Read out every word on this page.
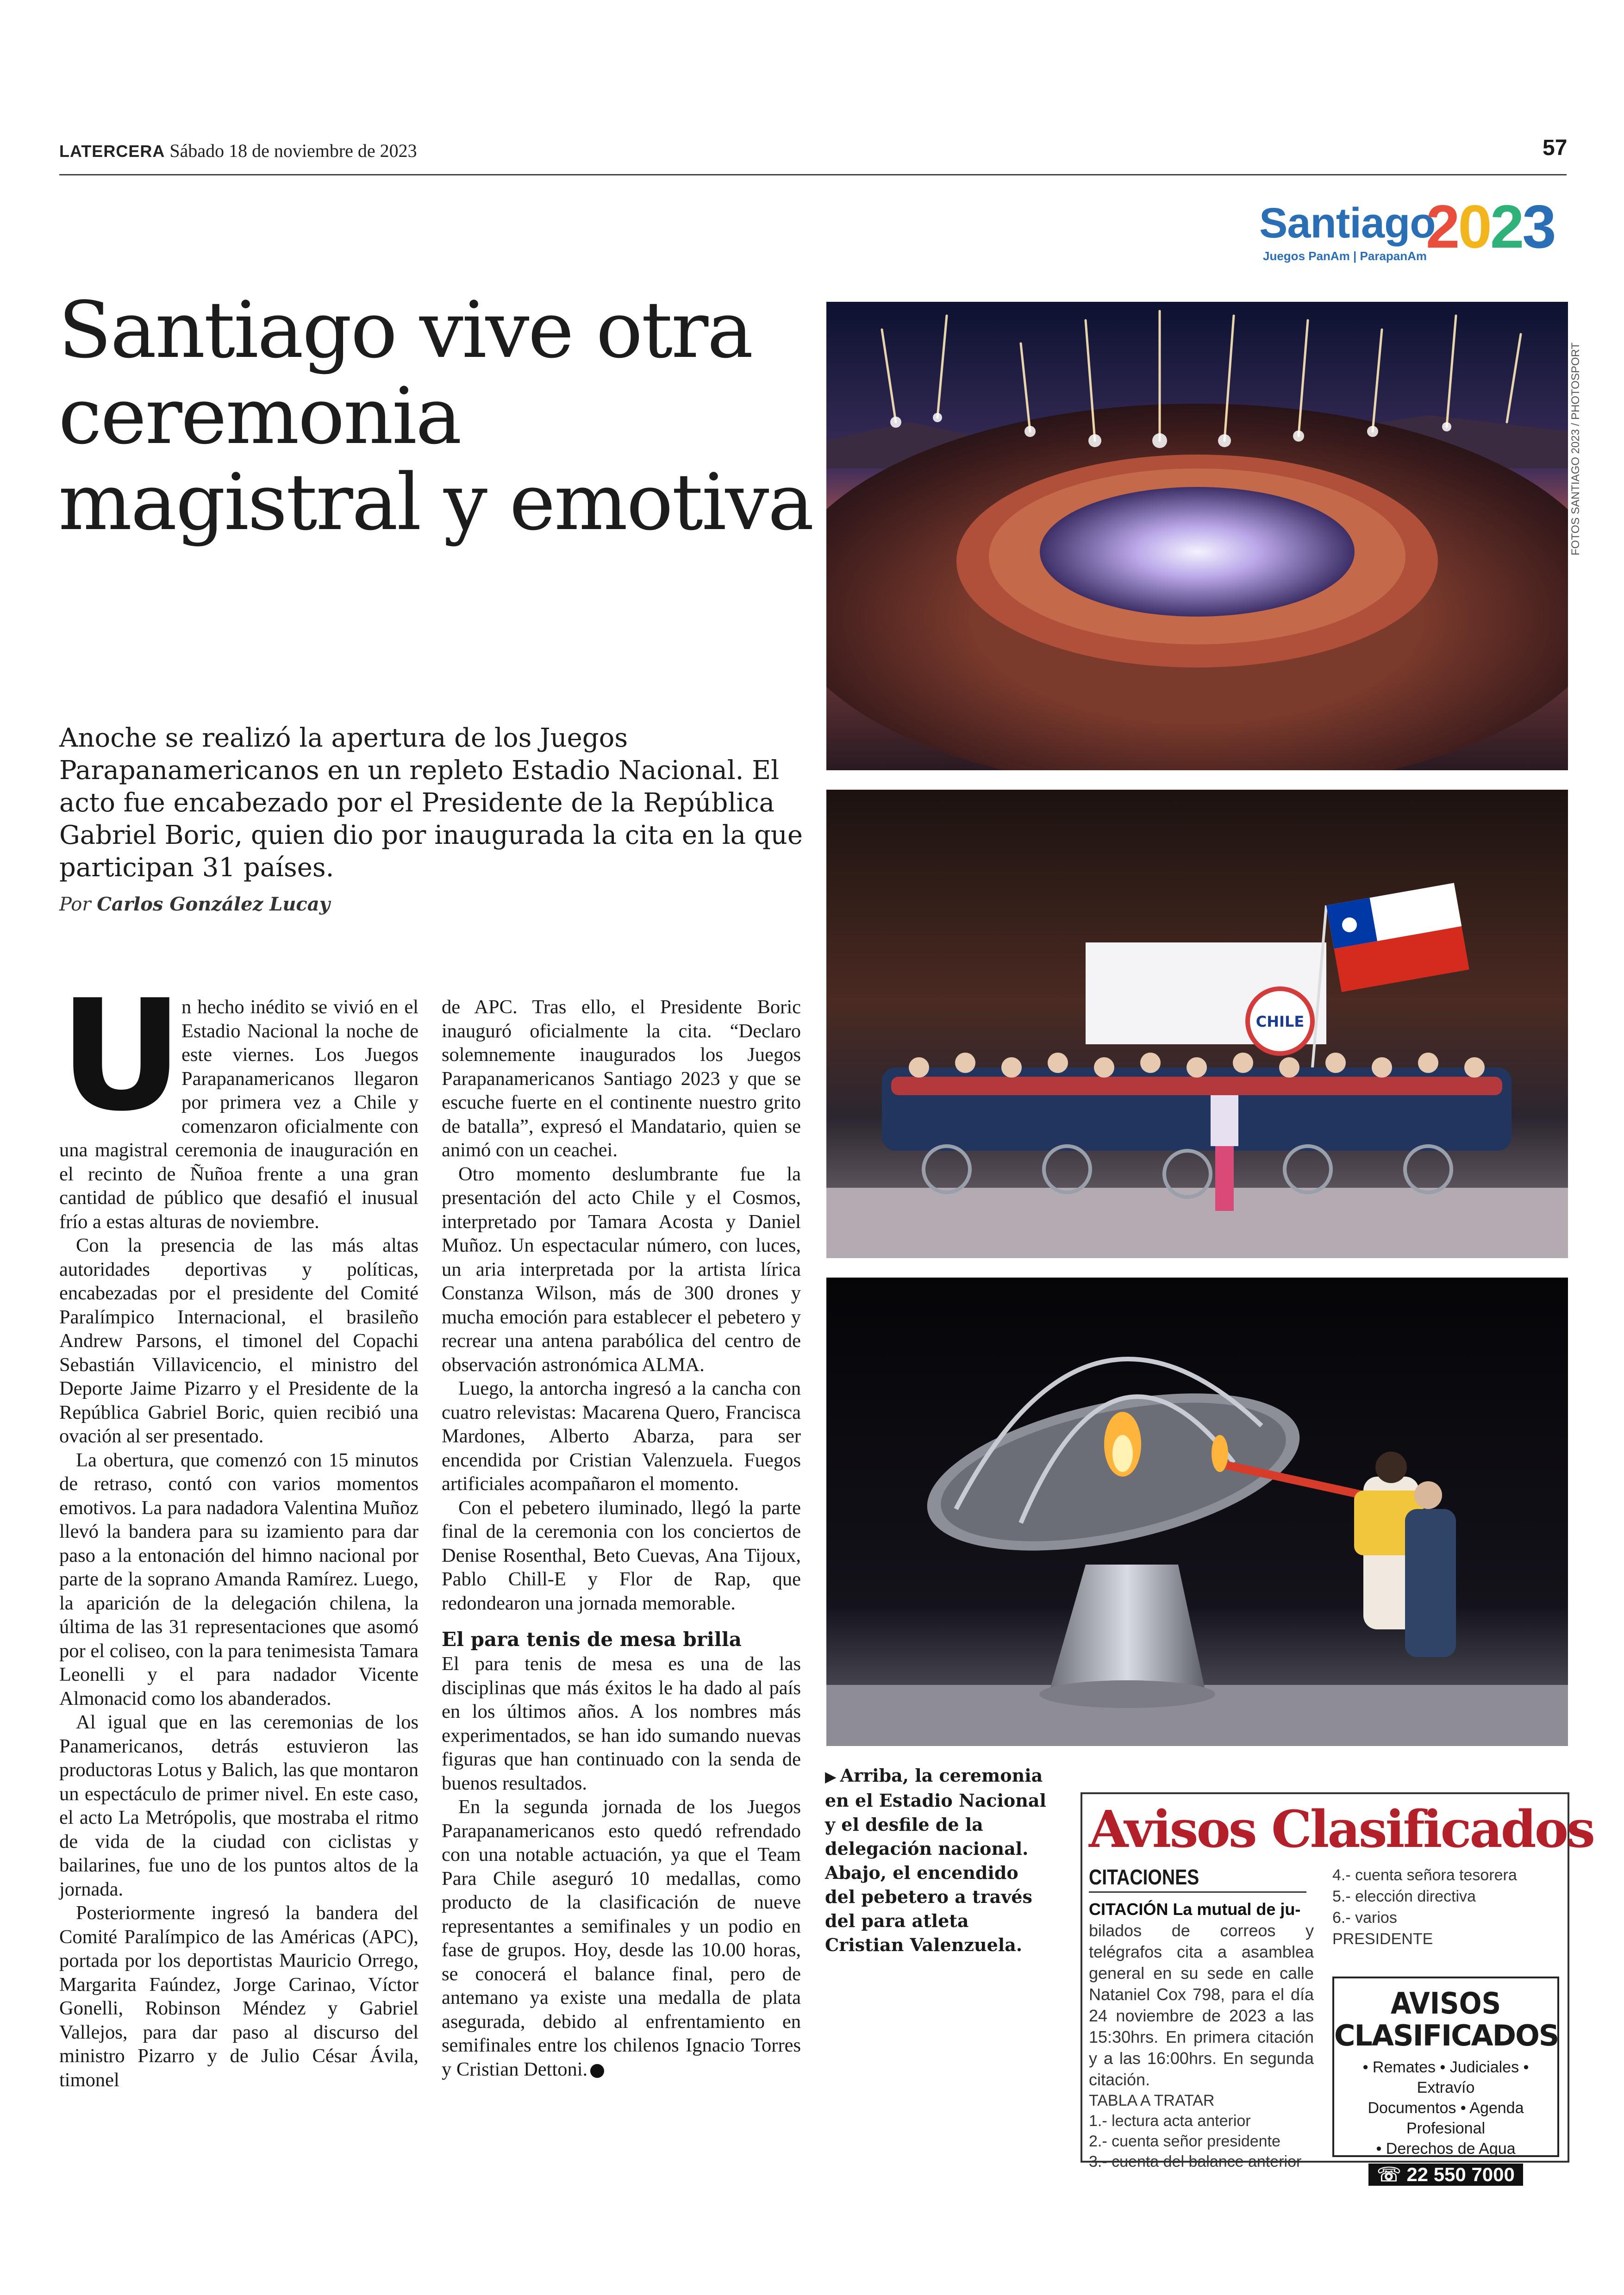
LATERCERA Sábado 18 de noviembre de 2023	57
Santiago
2023
Juegos PanAm | ParapanAm
Santiago vive otra ceremonia magistral y emotiva
Anoche se realizó la apertura de los Juegos Parapanamericanos en un repleto Estadio Nacional. El acto fue encabezado por el Presidente de la República Gabriel Boric, quien dio por inaugurada la cita en la que participan 31 países.
Por Carlos González Lucay

U
n hecho inédito se vivió en el Estadio Nacional la noche de este viernes. Los Juegos Parapanamericanos llegaron por primera vez a Chile y comenzaron oficialmente con una magistral ceremonia de inauguración en el recinto de Ñuñoa frente a una gran cantidad de público que desafió el inusual frío a estas alturas de noviembre.

Con la presencia de las más altas autoridades deportivas y políticas, encabezadas por el presidente del Comité Paralímpico Internacional, el brasileño Andrew Parsons, el timonel del Copachi Sebastián Villavicencio, el ministro del Deporte Jaime Pizarro y el Presidente de la República Gabriel Boric, quien recibió una ovación al ser presentado.

La obertura, que comenzó con 15 minutos de retraso, contó con varios momentos emotivos. La para nadadora Valentina Muñoz llevó la bandera para su izamiento para dar paso a la entonación del himno nacional por parte de la soprano Amanda Ramírez. Luego, la aparición de la delegación chilena, la última de las 31 representaciones que asomó por el coliseo, con la para tenimesista Tamara Leonelli y el para nadador Vicente Almonacid como los abanderados.

Al igual que en las ceremonias de los Panamericanos, detrás estuvieron las productoras Lotus y Balich, las que montaron un espectáculo de primer nivel. En este caso, el acto La Metrópolis, que mostraba el ritmo de vida de la ciudad con ciclistas y bailarines, fue uno de los puntos altos de la jornada.

Posteriormente ingresó la bandera del Comité Paralímpico de las Américas (APC), portada por los deportistas Mauricio Orrego, Margarita Faúndez, Jorge Carinao, Víctor Gonelli, Robinson Méndez y Gabriel Vallejos, para dar paso al discurso del ministro Pizarro y de Julio César Ávila, timonel

de APC. Tras ello, el Presidente Boric inauguró oficialmente la cita. “Declaro solemnemente inaugurados los Juegos Parapanamericanos Santiago 2023 y que se escuche fuerte en el continente nuestro grito de batalla”, expresó el Mandatario, quien se animó con un ceachei.

Otro momento deslumbrante fue la presentación del acto Chile y el Cosmos, interpretado por Tamara Acosta y Daniel Muñoz. Un espectacular número, con luces, un aria interpretada por la artista lírica Constanza Wilson, más de 300 drones y mucha emoción para establecer el pebetero y recrear una antena parabólica del centro de observación astronómica ALMA.

Luego, la antorcha ingresó a la cancha con cuatro relevistas: Macarena Quero, Francisca Mardones, Alberto Abarza, para ser encendida por Cristian Valenzuela. Fuegos artificiales acompañaron el momento.

Con el pebetero iluminado, llegó la parte final de la ceremonia con los conciertos de Denise Rosenthal, Beto Cuevas, Ana Tijoux, Pablo Chill-E y Flor de Rap, que redondearon una jornada memorable.

El para tenis de mesa brilla

El para tenis de mesa es una de las disciplinas que más éxitos le ha dado al país en los últimos años. A los nombres más experimentados, se han ido sumando nuevas figuras que han continuado con la senda de buenos resultados.

En la segunda jornada de los Juegos Parapanamericanos esto quedó refrendado con una notable actuación, ya que el Team Para Chile aseguró 10 medallas, como producto de la clasificación de nueve representantes a semifinales y un podio en fase de grupos. Hoy, desde las 10.00 horas, se conocerá el balance final, pero de antemano ya existe una medalla de plata asegurada, debido al enfrentamiento en semifinales entre los chilenos Ignacio Torres y Cristian Dettoni.

FOTOS SANTIAGO 2023 / PHOTOSPORT
CHILE
▶ Arriba, la ceremonia en el Estadio Nacional y el desfile de la delegación nacional. Abajo, el encendido del pebetero a través del para atleta Cristian Valenzuela.
Avisos Clasificados
CITACIONES
CITACIÓN La mutual de ju-
bilados de correos y telégrafos cita a asamblea general en su sede en calle Nataniel Cox 798, para el día 24 noviembre de 2023 a las 15:30hrs. En primera citación y a las 16:00hrs. En segunda citación.
TABLA A TRATAR
1.- lectura acta anterior
2.- cuenta señor presidente
3.- cuenta del balance anterior
4.- cuenta señora tesorera
5.- elección directiva
6.- varios
PRESIDENTE
AVISOS
CLASIFICADOS
• Remates • Judiciales • Extravío
Documentos • Agenda Profesional
• Derechos de Agua
☏ 22 550 7000
